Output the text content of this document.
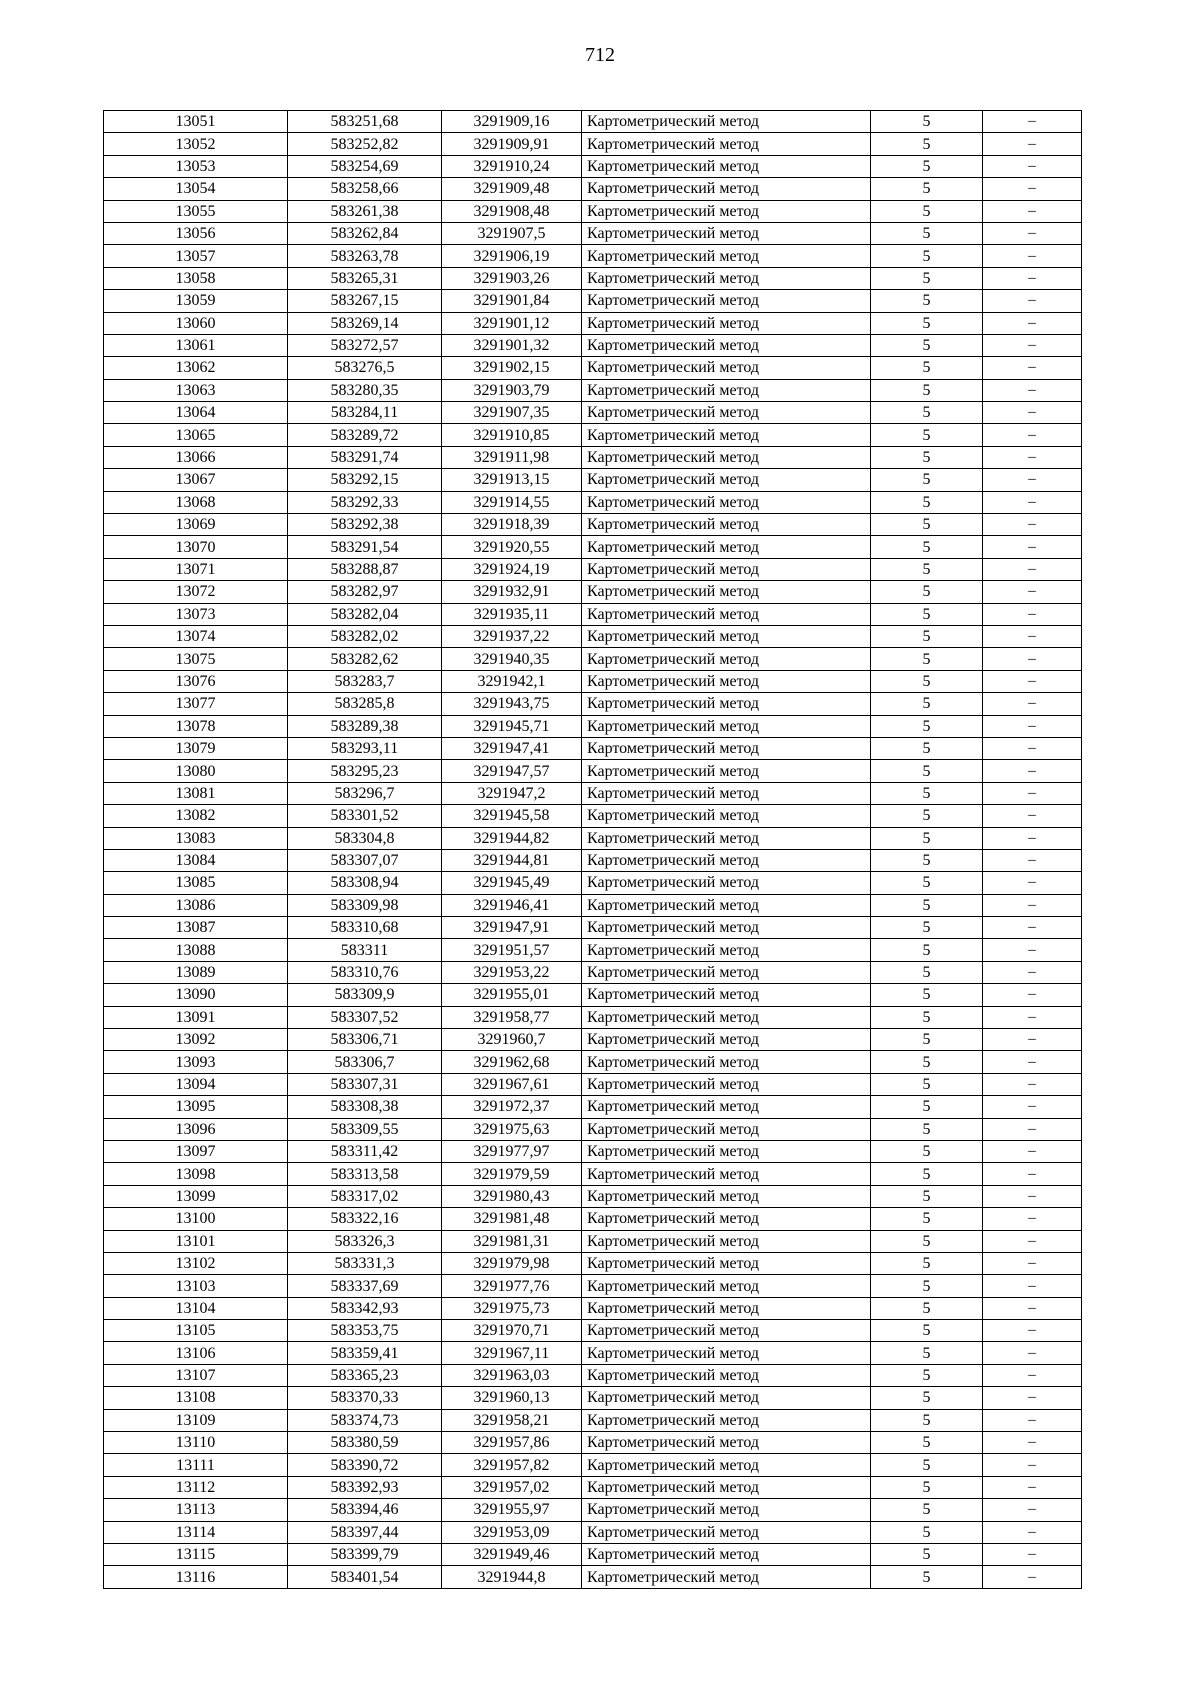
712
13051	583251,68	3291909,16	Картометрический метод	5	–
13052	583252,82	3291909,91	Картометрический метод	5	–
13053	583254,69	3291910,24	Картометрический метод	5	–
13054	583258,66	3291909,48	Картометрический метод	5	–
13055	583261,38	3291908,48	Картометрический метод	5	–
13056	583262,84	3291907,5	Картометрический метод	5	–
13057	583263,78	3291906,19	Картометрический метод	5	–
13058	583265,31	3291903,26	Картометрический метод	5	–
13059	583267,15	3291901,84	Картометрический метод	5	–
13060	583269,14	3291901,12	Картометрический метод	5	–
13061	583272,57	3291901,32	Картометрический метод	5	–
13062	583276,5	3291902,15	Картометрический метод	5	–
13063	583280,35	3291903,79	Картометрический метод	5	–
13064	583284,11	3291907,35	Картометрический метод	5	–
13065	583289,72	3291910,85	Картометрический метод	5	–
13066	583291,74	3291911,98	Картометрический метод	5	–
13067	583292,15	3291913,15	Картометрический метод	5	–
13068	583292,33	3291914,55	Картометрический метод	5	–
13069	583292,38	3291918,39	Картометрический метод	5	–
13070	583291,54	3291920,55	Картометрический метод	5	–
13071	583288,87	3291924,19	Картометрический метод	5	–
13072	583282,97	3291932,91	Картометрический метод	5	–
13073	583282,04	3291935,11	Картометрический метод	5	–
13074	583282,02	3291937,22	Картометрический метод	5	–
13075	583282,62	3291940,35	Картометрический метод	5	–
13076	583283,7	3291942,1	Картометрический метод	5	–
13077	583285,8	3291943,75	Картометрический метод	5	–
13078	583289,38	3291945,71	Картометрический метод	5	–
13079	583293,11	3291947,41	Картометрический метод	5	–
13080	583295,23	3291947,57	Картометрический метод	5	–
13081	583296,7	3291947,2	Картометрический метод	5	–
13082	583301,52	3291945,58	Картометрический метод	5	–
13083	583304,8	3291944,82	Картометрический метод	5	–
13084	583307,07	3291944,81	Картометрический метод	5	–
13085	583308,94	3291945,49	Картометрический метод	5	–
13086	583309,98	3291946,41	Картометрический метод	5	–
13087	583310,68	3291947,91	Картометрический метод	5	–
13088	583311	3291951,57	Картометрический метод	5	–
13089	583310,76	3291953,22	Картометрический метод	5	–
13090	583309,9	3291955,01	Картометрический метод	5	–
13091	583307,52	3291958,77	Картометрический метод	5	–
13092	583306,71	3291960,7	Картометрический метод	5	–
13093	583306,7	3291962,68	Картометрический метод	5	–
13094	583307,31	3291967,61	Картометрический метод	5	–
13095	583308,38	3291972,37	Картометрический метод	5	–
13096	583309,55	3291975,63	Картометрический метод	5	–
13097	583311,42	3291977,97	Картометрический метод	5	–
13098	583313,58	3291979,59	Картометрический метод	5	–
13099	583317,02	3291980,43	Картометрический метод	5	–
13100	583322,16	3291981,48	Картометрический метод	5	–
13101	583326,3	3291981,31	Картометрический метод	5	–
13102	583331,3	3291979,98	Картометрический метод	5	–
13103	583337,69	3291977,76	Картометрический метод	5	–
13104	583342,93	3291975,73	Картометрический метод	5	–
13105	583353,75	3291970,71	Картометрический метод	5	–
13106	583359,41	3291967,11	Картометрический метод	5	–
13107	583365,23	3291963,03	Картометрический метод	5	–
13108	583370,33	3291960,13	Картометрический метод	5	–
13109	583374,73	3291958,21	Картометрический метод	5	–
13110	583380,59	3291957,86	Картометрический метод	5	–
13111	583390,72	3291957,82	Картометрический метод	5	–
13112	583392,93	3291957,02	Картометрический метод	5	–
13113	583394,46	3291955,97	Картометрический метод	5	–
13114	583397,44	3291953,09	Картометрический метод	5	–
13115	583399,79	3291949,46	Картометрический метод	5	–
13116	583401,54	3291944,8	Картометрический метод	5	–
